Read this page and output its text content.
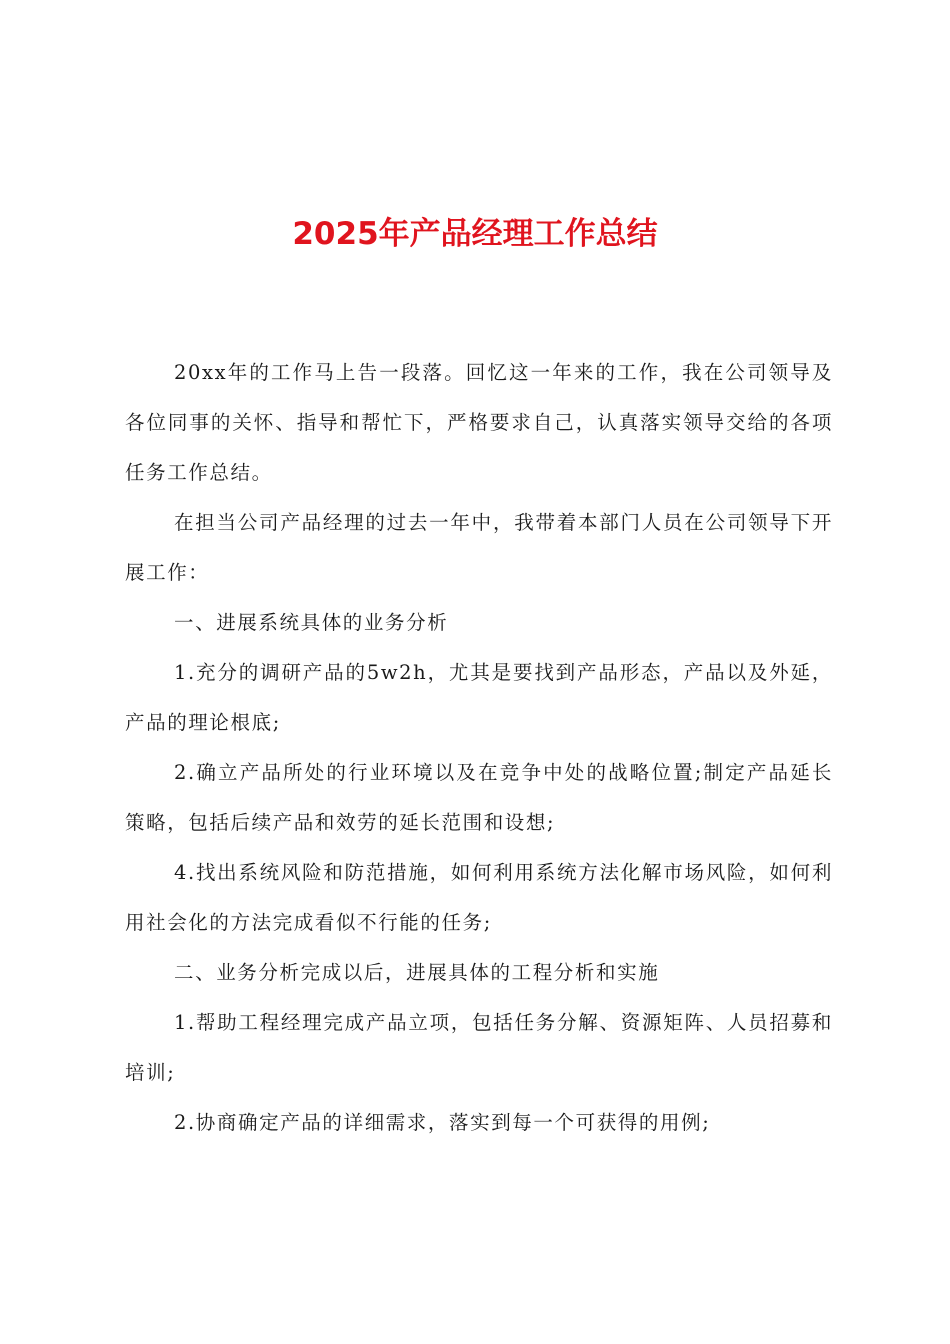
2025年产品经理工作总结

20xx年的工作马上告一段落。回忆这一年来的工作，我在公司领导及各位同事的关怀、指导和帮忙下，严格要求自己，认真落实领导交给的各项任务工作总结。

在担当公司产品经理的过去一年中，我带着本部门人员在公司领导下开展工作：

一、进展系统具体的业务分析

1.充分的调研产品的5w2h，尤其是要找到产品形态，产品以及外延，产品的理论根底;

2.确立产品所处的行业环境以及在竞争中处的战略位置;制定产品延长策略，包括后续产品和效劳的延长范围和设想;

4.找出系统风险和防范措施，如何利用系统方法化解市场风险，如何利用社会化的方法完成看似不行能的任务;

二、业务分析完成以后，进展具体的工程分析和实施

1.帮助工程经理完成产品立项，包括任务分解、资源矩阵、人员招募和培训;

2.协商确定产品的详细需求，落实到每一个可获得的用例;
